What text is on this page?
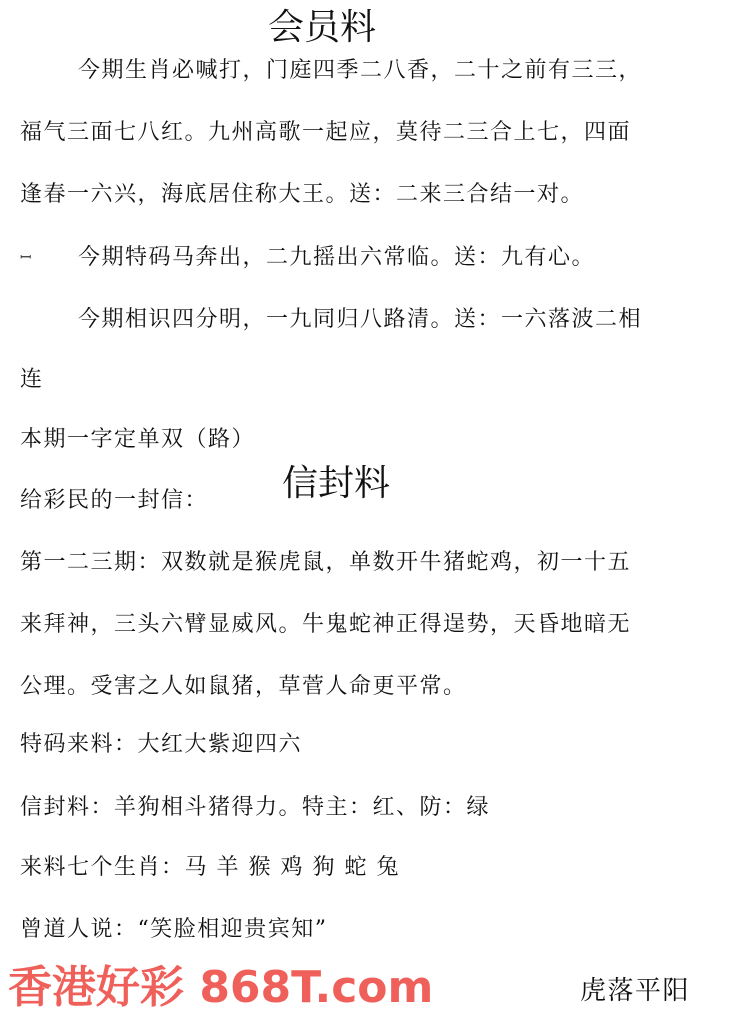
会员料
今期生肖必喊打，门庭四季二八香，二十之前有三三，
福气三面七八红。九州高歌一起应，莫待二三合上七，四面
逢春一六兴，海底居住称大王。送：二来三合结一对。
ꟷ 今期特码马奔出，二九摇出六常临。送：九有心。
今期相识四分明，一九同归八路清。送：一六落波二相
连
本期一字定单双（路）
给彩民的一封信： 信封料
第一二三期：双数就是猴虎鼠，单数开牛猪蛇鸡，初一十五
来拜神，三头六臂显威风。牛鬼蛇神正得逞势，天昏地暗无
公理。受害之人如鼠猪，草菅人命更平常。
特码来料：大红大紫迎四六
信封料：羊狗相斗猪得力。特主：红、防：绿
来料七个生肖：马 羊 猴 鸡 狗 蛇 兔
曾道人说：“笑脸相迎贵宾知”
虎落平阳
香港好彩 868T.com
